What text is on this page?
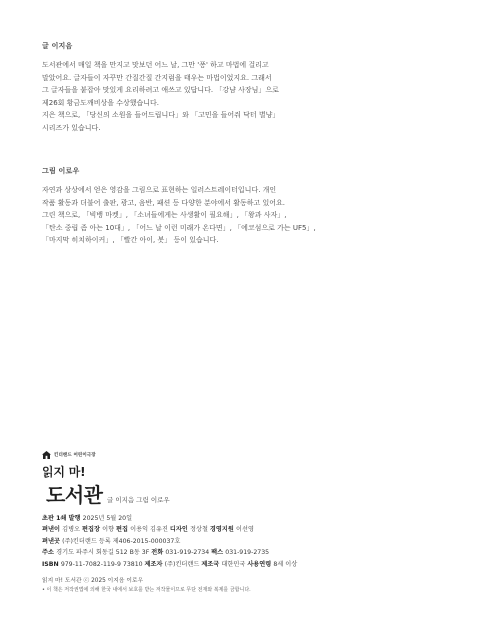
글 이지음
도서관에서 매일 책을 만지고 맛보던 어느 날, 그만 '퐁' 하고 마법에 걸리고
말았어요. 글자들이 자꾸만 간질간질 간지럼을 태우는 마법이었지요. 그래서
그 글자들을 붙잡아 맛있게 요리하려고 애쓰고 있답니다. 「강냠 사장님」으로
제26회 황금도깨비상을 수상했습니다.
지은 책으로, 「당신의 소원을 들어드립니다」와 「고민을 들어줘 닥터 별냥」
시리즈가 있습니다.
그림 이로우
자연과 상상에서 얻은 영감을 그림으로 표현하는 일러스트레이터입니다. 개인
작품 활동과 더불어 출판, 광고, 음반, 패션 등 다양한 분야에서 활동하고 있어요.
그린 책으로, 「빅뱅 마켓」, 「소녀들에게는 사생활이 필요해」, 「왕과 사자」,
「탄소 중립 좀 아는 10대」, 「어느 날 이런 미래가 온다면」, 「에코섬으로 가는 UF5」,
「마지막 히치하이커」, 「빨간 아이, 봇」 등이 있습니다.
킨더랜드 어린이극장
읽지 마!
도서관 글 이지음 그림 이로우
초판 1쇄 발행 2025년 5월 20일
펴낸이 김병오 편집장 이향 편집 이용익 김유진 디자인 정상철 경영지원 이선영
펴낸곳 (주)킨더랜드 등록 제406-2015-000037호
주소 경기도 파주시 회동길 512 B동 3F 전화 031-919-2734 팩스 031-919-2735
ISBN 979-11-7082-119-9 73810 제조자 (주)킨더랜드 제조국 대한민국 사용연령 8세 이상
읽지 마! 도서관 ⓒ 2025 이지음 이로우
• 이 책은 저작권법에 의해 한국 내에서 보호를 받는 저작물이므로 무단 전재와 복제를 금합니다.
